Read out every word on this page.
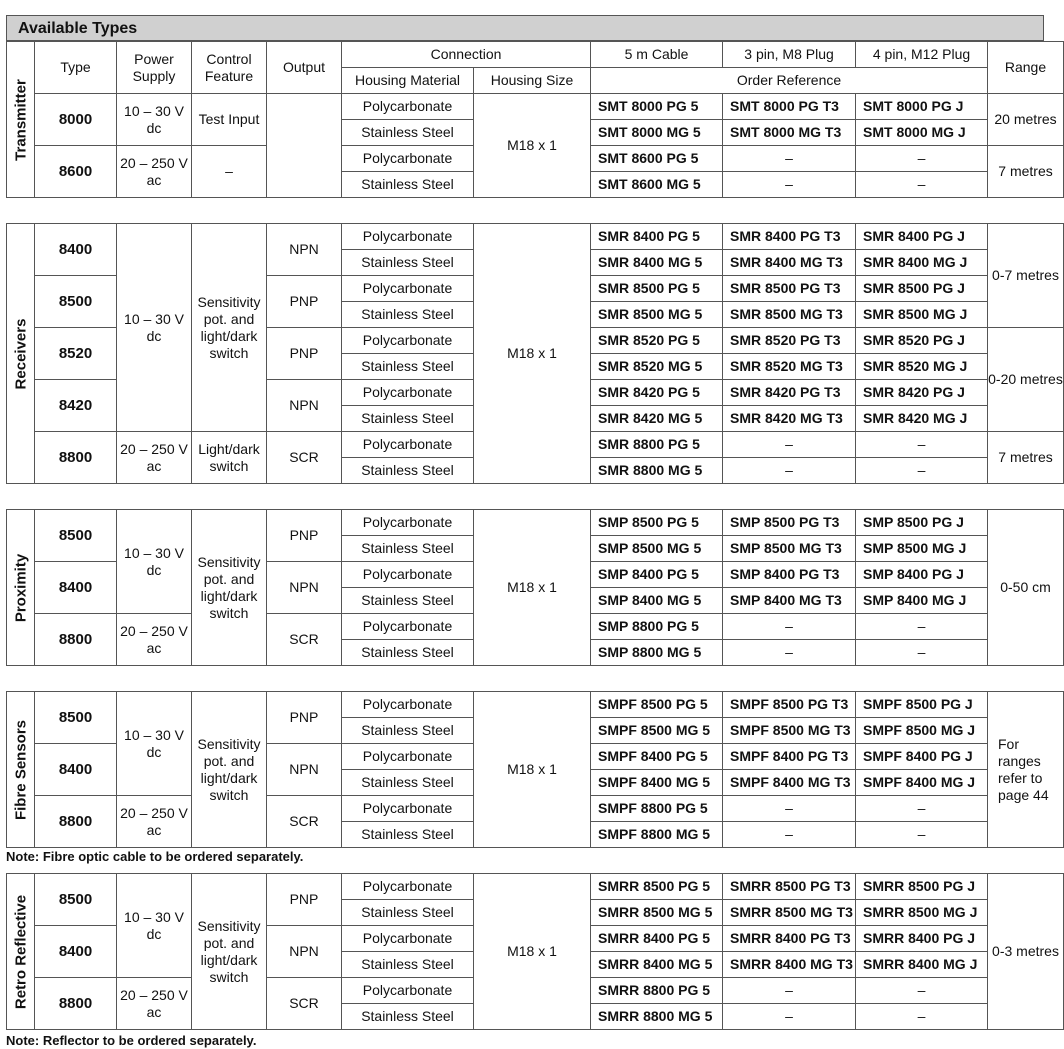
Available Types
Transmitter	Type	Power Supply	Control Feature	Output	Connection		5 m Cable	3 pin, M8 Plug	4 pin, M12 Plug	Range
					Housing Material	Housing Size	Order Reference			
	8000	10 – 30 V dc	Test Input		Polycarbonate	M18 x 1	SMT 8000 PG 5	SMT 8000 PG T3	SMT 8000 PG J	20 metres
					Stainless Steel		SMT 8000 MG 5	SMT 8000 MG T3	SMT 8000 MG J	
	8600	20 – 250 V ac	–		Polycarbonate		SMT 8600 PG 5	–	–	7 metres
					Stainless Steel		SMT 8600 MG 5	–	–	
Receivers	8400	10 – 30 V dc	Sensitivity pot. and light/dark switch	NPN	Polycarbonate	M18 x 1	SMR 8400 PG 5	SMR 8400 PG T3	SMR 8400 PG J	0-7 metres
					Stainless Steel		SMR 8400 MG 5	SMR 8400 MG T3	SMR 8400 MG J	
	8500			PNP	Polycarbonate		SMR 8500 PG 5	SMR 8500 PG T3	SMR 8500 PG J	
					Stainless Steel		SMR 8500 MG 5	SMR 8500 MG T3	SMR 8500 MG J	
	8520			PNP	Polycarbonate		SMR 8520 PG 5	SMR 8520 PG T3	SMR 8520 PG J	0-20 metres
					Stainless Steel		SMR 8520 MG 5	SMR 8520 MG T3	SMR 8520 MG J	
	8420			NPN	Polycarbonate		SMR 8420 PG 5	SMR 8420 PG T3	SMR 8420 PG J	
					Stainless Steel		SMR 8420 MG 5	SMR 8420 MG T3	SMR 8420 MG J	
	8800	20 – 250 V ac	Light/dark switch	SCR	Polycarbonate		SMR 8800 PG 5	–	–	7 metres
					Stainless Steel		SMR 8800 MG 5	–	–	
Proximity	8500	10 – 30 V dc	Sensitivity pot. and light/dark switch	PNP	Polycarbonate	M18 x 1	SMP 8500 PG 5	SMP 8500 PG T3	SMP 8500 PG J	0-50 cm
					Stainless Steel		SMP 8500 MG 5	SMP 8500 MG T3	SMP 8500 MG J	
	8400			NPN	Polycarbonate		SMP 8400 PG 5	SMP 8400 PG T3	SMP 8400 PG J	
					Stainless Steel		SMP 8400 MG 5	SMP 8400 MG T3	SMP 8400 MG J	
	8800	20 – 250 V ac		SCR	Polycarbonate		SMP 8800 PG 5	–	–	
					Stainless Steel		SMP 8800 MG 5	–	–	
Fibre Sensors	8500	10 – 30 V dc	Sensitivity pot. and light/dark switch	PNP	Polycarbonate	M18 x 1	SMPF 8500 PG 5	SMPF 8500 PG T3	SMPF 8500 PG J	For ranges refer to page 44
					Stainless Steel		SMPF 8500 MG 5	SMPF 8500 MG T3	SMPF 8500 MG J	
	8400			NPN	Polycarbonate		SMPF 8400 PG 5	SMPF 8400 PG T3	SMPF 8400 PG J	
					Stainless Steel		SMPF 8400 MG 5	SMPF 8400 MG T3	SMPF 8400 MG J	
	8800	20 – 250 V ac		SCR	Polycarbonate		SMPF 8800 PG 5	–	–	
					Stainless Steel		SMPF 8800 MG 5	–	–	
Note: Fibre optic cable to be ordered separately.
Retro Reflective	8500	10 – 30 V dc	Sensitivity pot. and light/dark switch	PNP	Polycarbonate	M18 x 1	SMRR 8500 PG 5	SMRR 8500 PG T3	SMRR 8500 PG J	0-3 metres
					Stainless Steel		SMRR 8500 MG 5	SMRR 8500 MG T3	SMRR 8500 MG J	
	8400			NPN	Polycarbonate		SMRR 8400 PG 5	SMRR 8400 PG T3	SMRR 8400 PG J	
					Stainless Steel		SMRR 8400 MG 5	SMRR 8400 MG T3	SMRR 8400 MG J	
	8800	20 – 250 V ac		SCR	Polycarbonate		SMRR 8800 PG 5	–	–	
					Stainless Steel		SMRR 8800 MG 5	–	–	
Note: Reflector to be ordered separately.
